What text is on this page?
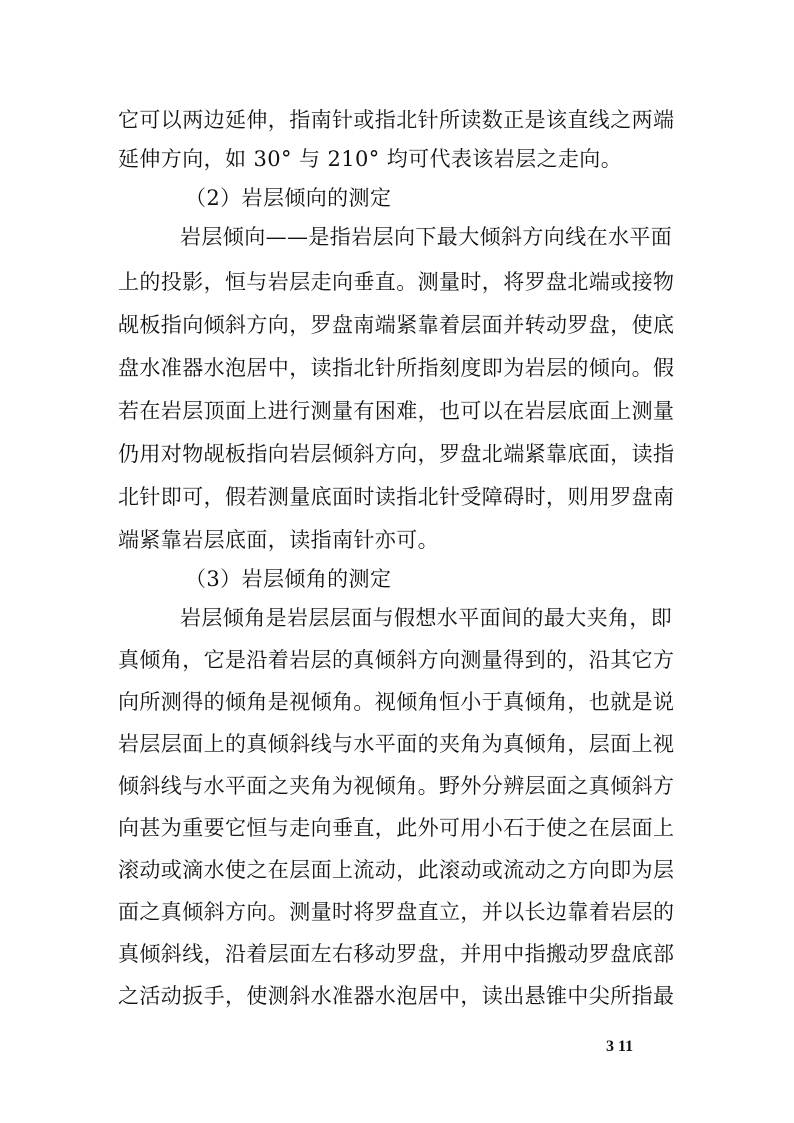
它可以两边延伸，指南针或指北针所读数正是该直线之两端
延伸方向，如 30° 与 210° 均可代表该岩层之走向。
（2）岩层倾向的测定
岩层倾向——是指岩层向下最大倾斜方向线在水平面
上的投影，恒与岩层走向垂直。测量时，将罗盘北端或接物
觇板指向倾斜方向，罗盘南端紧靠着层面并转动罗盘，使底
盘水准器水泡居中，读指北针所指刻度即为岩层的倾向。假
若在岩层顶面上进行测量有困难，也可以在岩层底面上测量
仍用对物觇板指向岩层倾斜方向，罗盘北端紧靠底面，读指
北针即可，假若测量底面时读指北针受障碍时，则用罗盘南
端紧靠岩层底面，读指南针亦可。
（3）岩层倾角的测定
岩层倾角是岩层层面与假想水平面间的最大夹角，即
真倾角，它是沿着岩层的真倾斜方向测量得到的，沿其它方
向所测得的倾角是视倾角。视倾角恒小于真倾角，也就是说
岩层层面上的真倾斜线与水平面的夹角为真倾角，层面上视
倾斜线与水平面之夹角为视倾角。野外分辨层面之真倾斜方
向甚为重要它恒与走向垂直，此外可用小石于使之在层面上
滚动或滴水使之在层面上流动，此滚动或流动之方向即为层
面之真倾斜方向。测量时将罗盘直立，并以长边靠着岩层的
真倾斜线，沿着层面左右移动罗盘，并用中指搬动罗盘底部
之活动扳手，使测斜水准器水泡居中，读出悬锥中尖所指最
3 11
